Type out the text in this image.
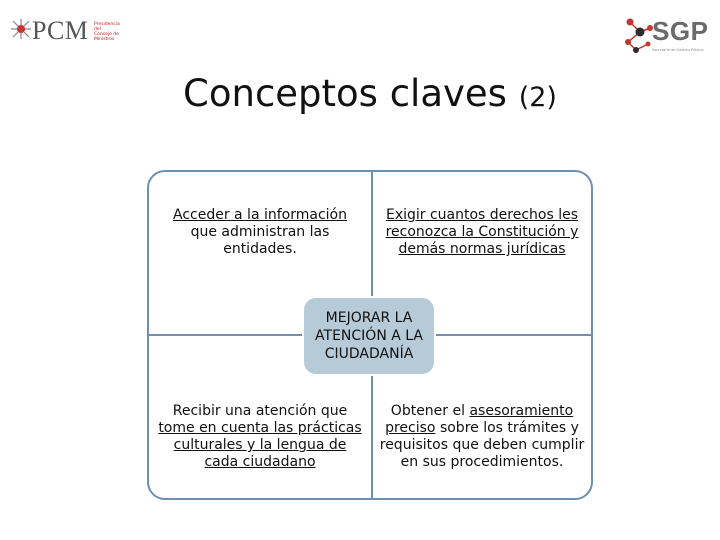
PCM Presidencia del Consejo de Ministros	SGP
Secretaría de Gestión Pública
Conceptos claves (2)
Acceder a la información
que administran las
entidades.
Exigir cuantos derechos les
reconozca la Constitución y
demás normas jurídicas
MEJORAR LA
ATENCIÓN A LA
CIUDADANÍA
Recibir una atención que
tome en cuenta las prácticas
culturales y la lengua de
cada ciudadano
Obtener el asesoramiento
preciso sobre los trámites y
requisitos que deben cumplir
en sus procedimientos.
